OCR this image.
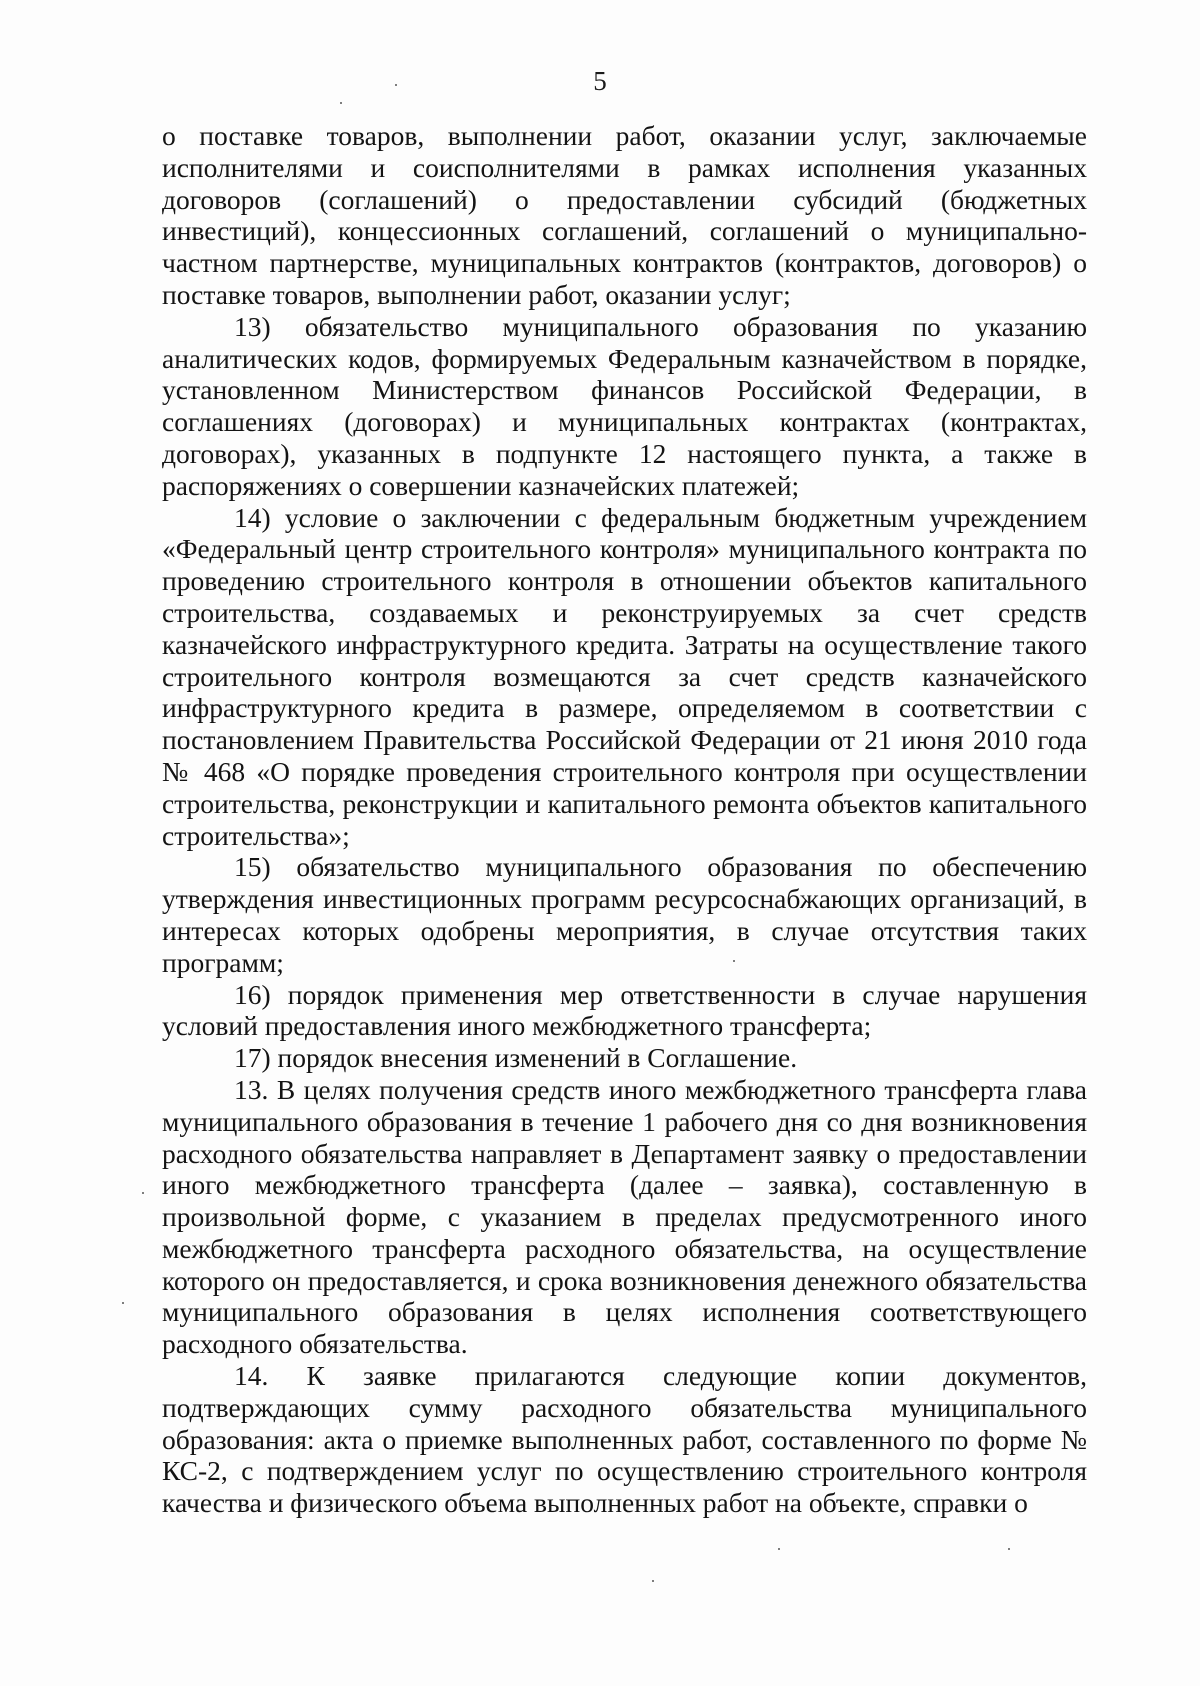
5

о поставке товаров, выполнении работ, оказании услуг, заключаемые исполнителями и соисполнителями в рамках исполнения указанных договоров (соглашений) о предоставлении субсидий (бюджетных инвестиций), концессионных соглашений, соглашений о муниципально-частном партнерстве, муниципальных контрактов (контрактов, договоров) о поставке товаров, выполнении работ, оказании услуг;

13) обязательство муниципального образования по указанию аналитических кодов, формируемых Федеральным казначейством в порядке, установленном Министерством финансов Российской Федерации, в соглашениях (договорах) и муниципальных контрактах (контрактах, договорах), указанных в подпункте 12 настоящего пункта, а также в распоряжениях о совершении казначейских платежей;

14) условие о заключении с федеральным бюджетным учреждением «Федеральный центр строительного контроля» муниципального контракта по проведению строительного контроля в отношении объектов капитального строительства, создаваемых и реконструируемых за счет средств казначейского инфраструктурного кредита. Затраты на осуществление такого строительного контроля возмещаются за счет средств казначейского инфраструктурного кредита в размере, определяемом в соответствии с постановлением Правительства Российской Федерации от 21 июня 2010 года № 468 «О порядке проведения строительного контроля при осуществлении строительства, реконструкции и капитального ремонта объектов капитального строительства»;

15) обязательство муниципального образования по обеспечению утверждения инвестиционных программ ресурсоснабжающих организаций, в интересах которых одобрены мероприятия, в случае отсутствия таких программ;

16) порядок применения мер ответственности в случае нарушения условий предоставления иного межбюджетного трансферта;

17) порядок внесения изменений в Соглашение.

13. В целях получения средств иного межбюджетного трансферта глава муниципального образования в течение 1 рабочего дня со дня возникновения расходного обязательства направляет в Департамент заявку о предоставлении иного межбюджетного трансферта (далее – заявка), составленную в произвольной форме, с указанием в пределах предусмотренного иного межбюджетного трансферта расходного обязательства, на осуществление которого он предоставляется, и срока возникновения денежного обязательства муниципального образования в целях исполнения соответствующего расходного обязательства.

14. К заявке прилагаются следующие копии документов, подтверждающих сумму расходного обязательства муниципального образования: акта о приемке выполненных работ, составленного по форме № КС-2, с подтверждением услуг по осуществлению строительного контроля качества и физического объема выполненных работ на объекте, справки о
